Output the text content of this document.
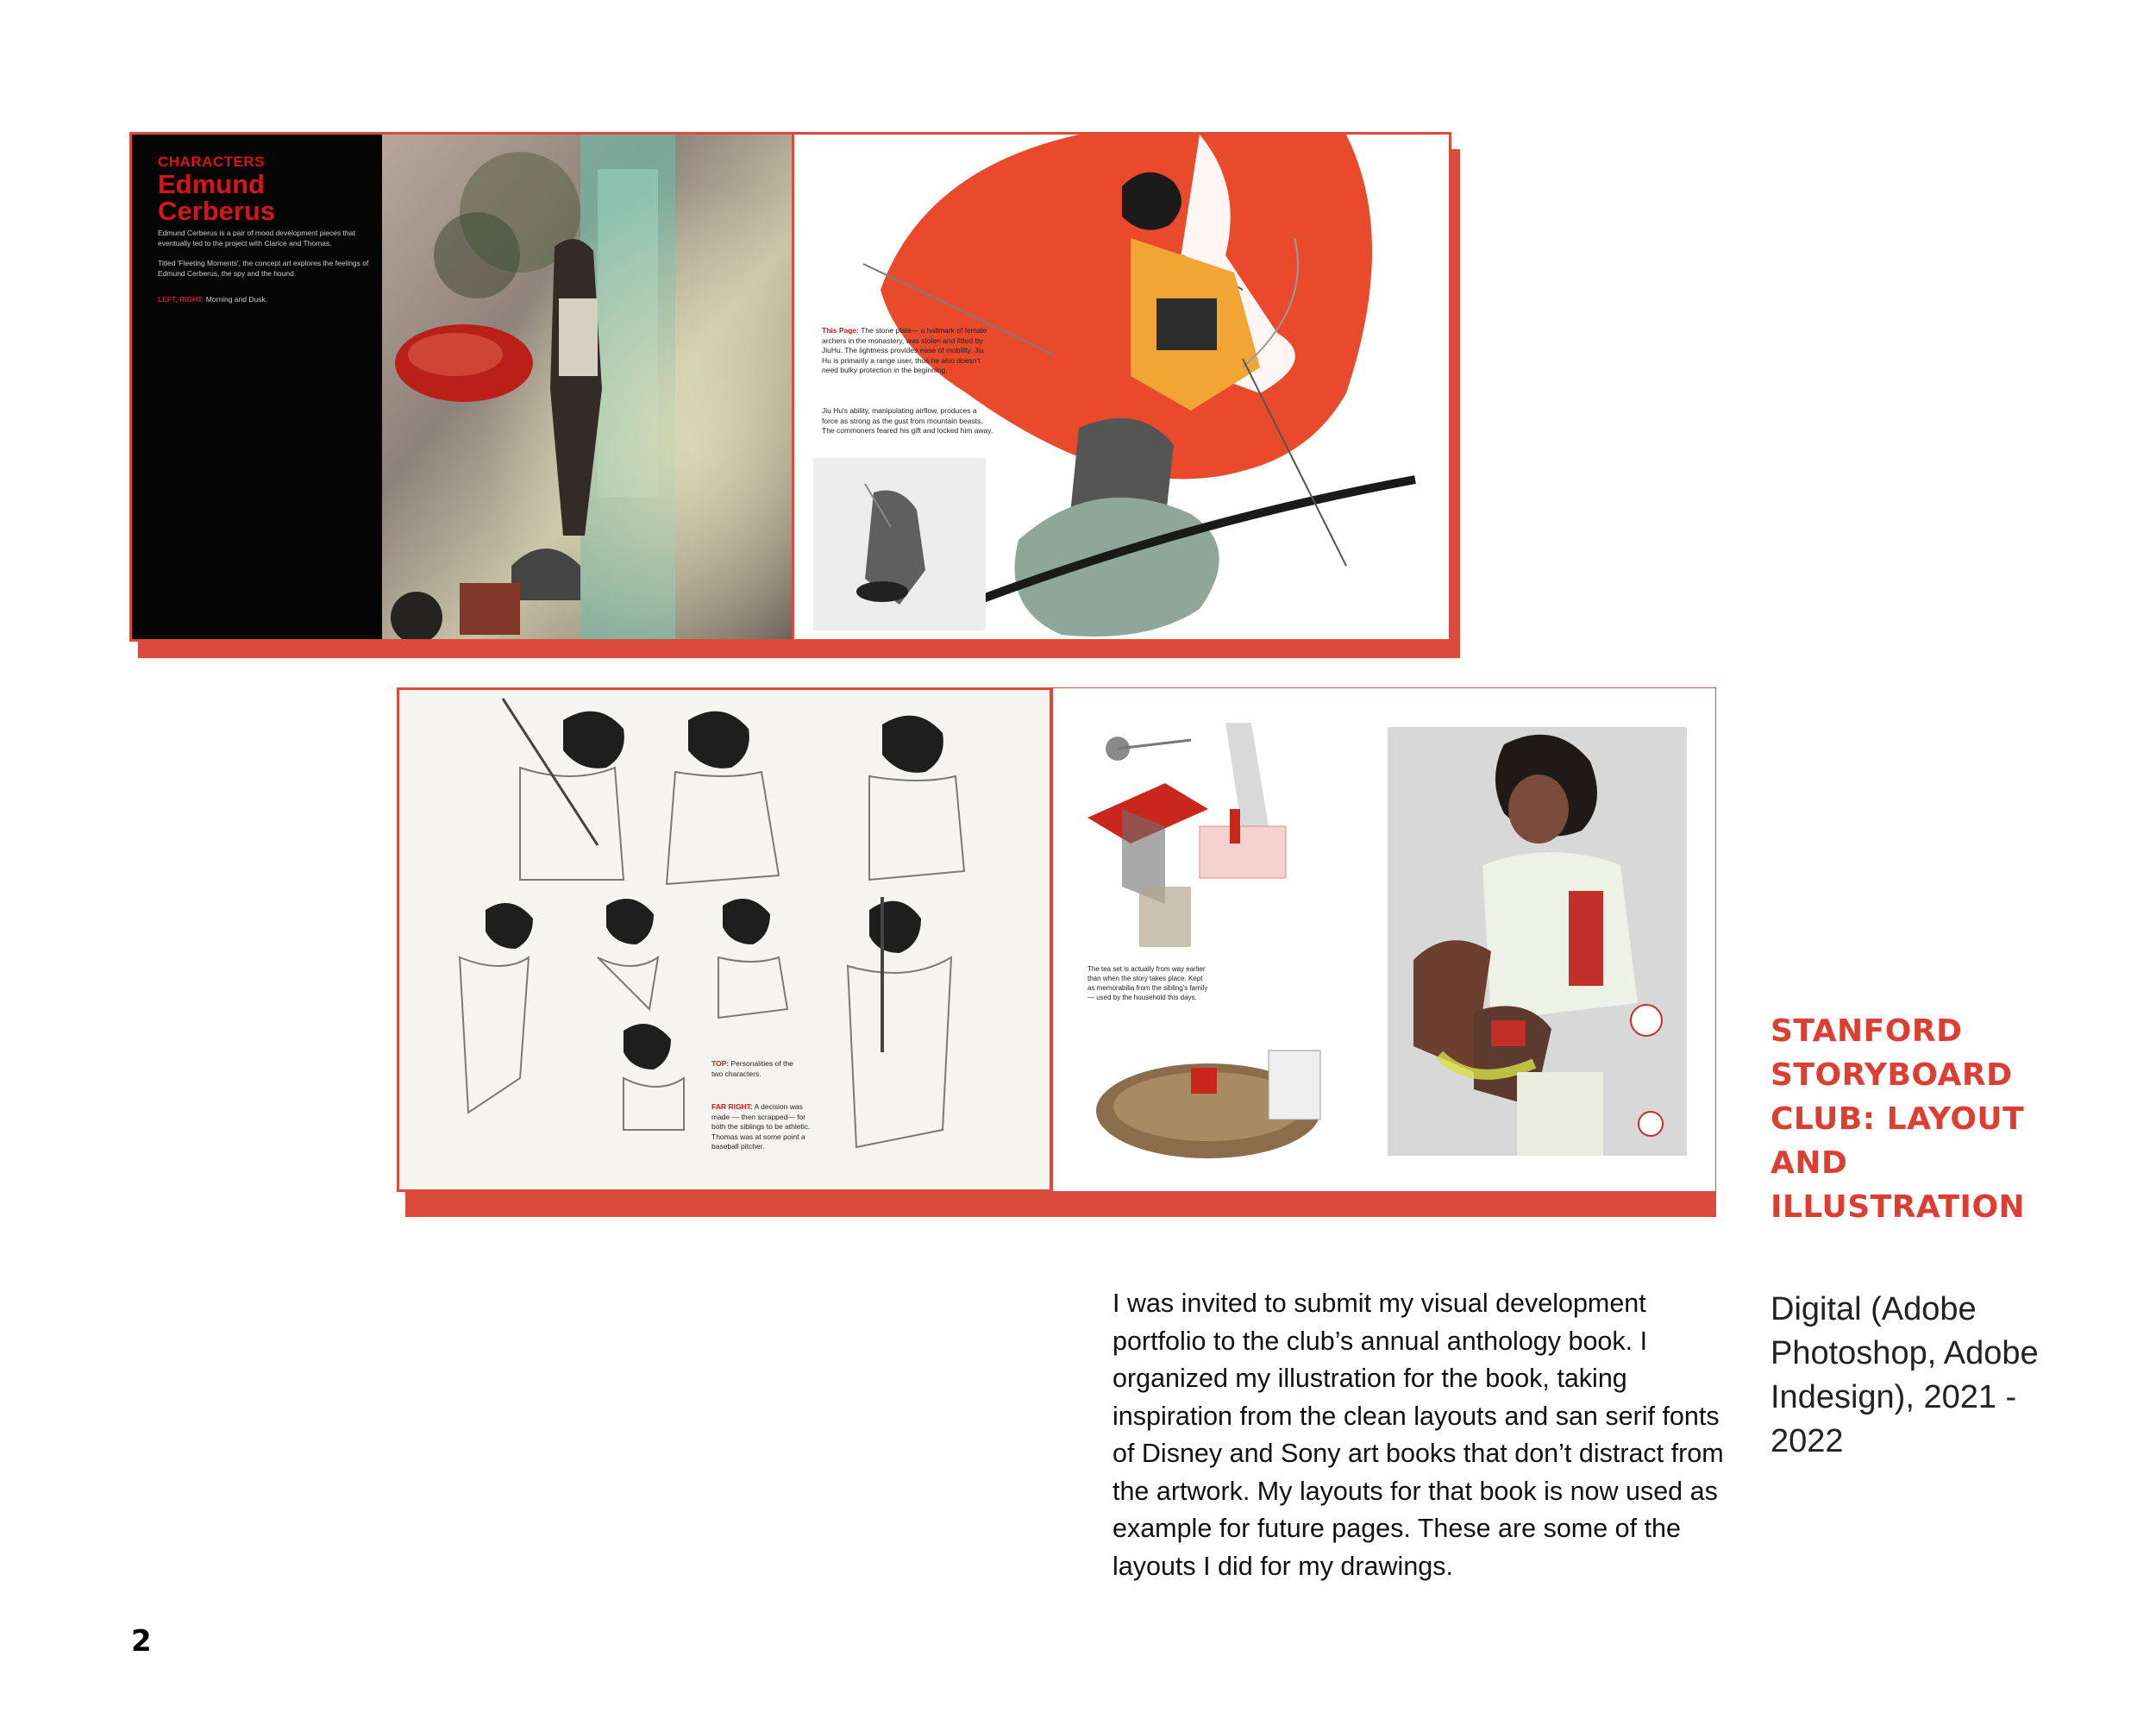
CHARACTERS
Edmund Cerberus
Edmund Cerberus is a pair of mood development pieces that eventually led to the project with Clarice and Thomas.
Titled 'Fleeting Moments', the concept art explores the feelings of Edmund Cerberus, the spy and the hound.
LEFT, RIGHT: Morning and Dusk.
This Page: The stone plate— a hallmark of female archers in the monastery, was stolen and fitted by JiuHu. The lightness provides ease of mobility. Jiu Hu is primarily a range user, thus he also doesn't need bulky protection in the beginning.
Jiu Hu's ability, manipulating airflow, produces a force as strong as the gust from mountain beasts. The commoners feared his gift and locked him away.
TOP: Personalities of the two characters.
FAR RIGHT: A decision was made — then scrapped— for both the siblings to be athletic. Thomas was at some point a baseball pitcher.
The tea set is actually from way earlier than when the story takes place. Kept as memorabilia from the sibling's family— used by the household this days.
STANFORD STORYBOARD CLUB: LAYOUT AND ILLUSTRATION
Digital (Adobe Photoshop, Adobe Indesign), 2021 - 2022
I was invited to submit my visual development portfolio to the club’s annual anthology book. I organized my illustration for the book, taking inspiration from the clean layouts and san serif fonts of Disney and Sony art books that don’t distract from the artwork. My layouts for that book is now used as example for future pages. These are some of the layouts I did for my drawings.
2
